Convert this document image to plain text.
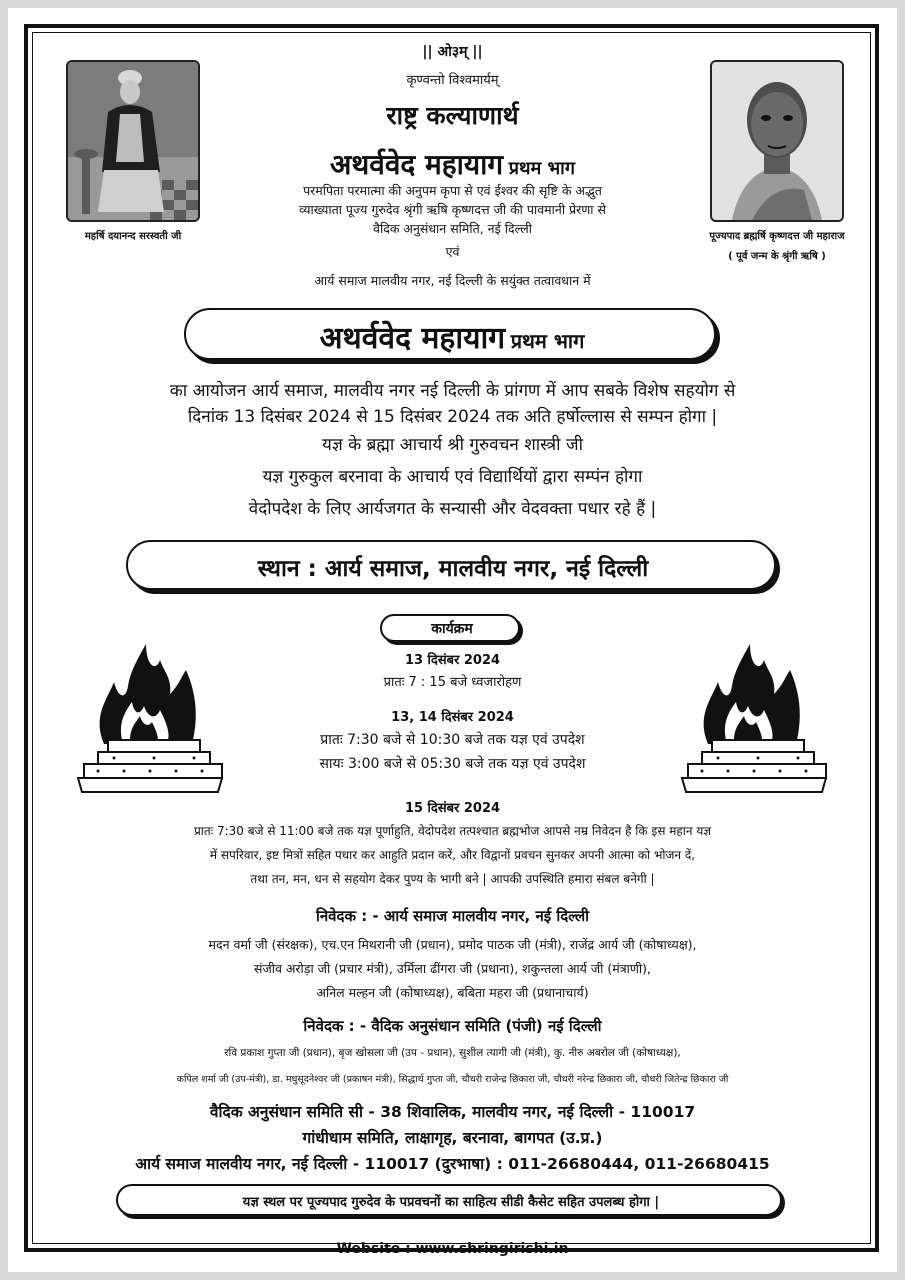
|| ओ३म् ||
कृण्वन्तो विश्वमार्यम्
राष्ट्र कल्याणार्थ
अथर्ववेद महायाग प्रथम भाग
परमपिता परमात्मा की अनुपम कृपा से एवं ईश्वर की सृष्टि के अद्भुत
व्याख्याता पूज्य गुरुदेव श्रृंगी ऋषि कृष्णदत्त जी की पावमानी प्रेरणा से
वैदिक अनुसंधान समिति, नई दिल्ली
एवं
आर्य समाज मालवीय नगर, नई दिल्ली के सयुंक्त तत्वावधान में
महर्षि दयानन्द सरस्वती जी	पूज्यपाद ब्रह्मर्षि कृष्णदत्त जी महाराज
( पूर्व जन्म के श्रृंगी ऋषि )
अथर्ववेद महायाग प्रथम भाग
का आयोजन आर्य समाज, मालवीय नगर नई दिल्ली के प्रांगण में आप सबके विशेष सहयोग से
दिनांक 13 दिसंबर 2024 से 15 दिसंबर 2024 तक अति हर्षोल्लास से सम्पन होगा |
यज्ञ के ब्रह्मा आचार्य श्री गुरुवचन शास्त्री जी
यज्ञ गुरुकुल बरनावा के आचार्य एवं विद्यार्थियों द्वारा सम्पंन होगा
वेदोपदेश के लिए आर्यजगत के सन्यासी और वेदवक्ता पधार रहे हैं |
स्थान : आर्य समाज, मालवीय नगर, नई दिल्ली
कार्यक्रम
13 दिसंबर 2024
प्रातः 7 : 15 बजे ध्वजारोहण
13, 14 दिसंबर 2024
प्रातः 7:30 बजे से 10:30 बजे तक यज्ञ एवं उपदेश
सायः 3:00 बजे से 05:30 बजे तक यज्ञ एवं उपदेश
15 दिसंबर 2024
प्रातः 7:30 बजे से 11:00 बजे तक यज्ञ पूर्णाहुति, वेदोपदेश तत्पश्चात ब्रह्मभोज आपसे नम्र निवेदन है कि इस महान यज्ञ
में सपरिवार, इष्ट मित्रों सहित पधार कर आहुति प्रदान करें, और विद्वानों प्रवचन सुनकर अपनी आत्मा को भोजन दें,
तथा तन, मन, धन से सहयोग देकर पुण्य के भागी बने | आपकी उपस्थिति हमारा संबल बनेगी |
निवेदक : - आर्य समाज मालवीय नगर, नई दिल्ली
मदन वर्मा जी (संरक्षक), एच.एन मिथरानी जी (प्रधान), प्रमोद पाठक जी (मंत्री), राजेंद्र आर्य जी (कोषाध्यक्ष),
संजीव अरोड़ा जी (प्रचार मंत्री), उर्मिला ढींगरा जी (प्रधाना), शकुन्तला आर्य जी (मंत्राणी),
अनिल मल्हन जी (कोषाध्यक्ष), बबिता महरा जी (प्रधानाचार्य)
निवेदक : - वैदिक अनुसंधान समिति (पंजी) नई दिल्ली
रवि प्रकाश गुप्ता जी (प्रधान), बृज खोसला जी (उप - प्रधान), सुशील त्यागी जी (मंत्री), कु. नीरु अबरोल जी (कोषाध्यक्ष),
कपिल शर्मा जी (उप-मंत्री), डा. मधुसूदनेश्वर जी (प्रकाषन मंत्री), सिद्धार्थ गुप्ता जी, चौधरी राजेन्द्र छिकारा जी, चौधरी नरेन्द्र छिकारा जी, चौधरी जितेन्द्र छिकारा जी
वैदिक अनुसंधान समिति सी - 38 शिवालिक, मालवीय नगर, नई दिल्ली - 110017
गांधीधाम समिति, लाक्षागृह, बरनावा, बागपत (उ.प्र.)
आर्य समाज मालवीय नगर, नई दिल्ली - 110017 (दुरभाषा) : 011-26680444, 011-26680415
यज्ञ स्थल पर पूज्यपाद गुरुदेव के पप्रवचनों का साहित्य सीडी कैसेट सहित उपलब्ध होगा |
Website : www.shringirishi.in
